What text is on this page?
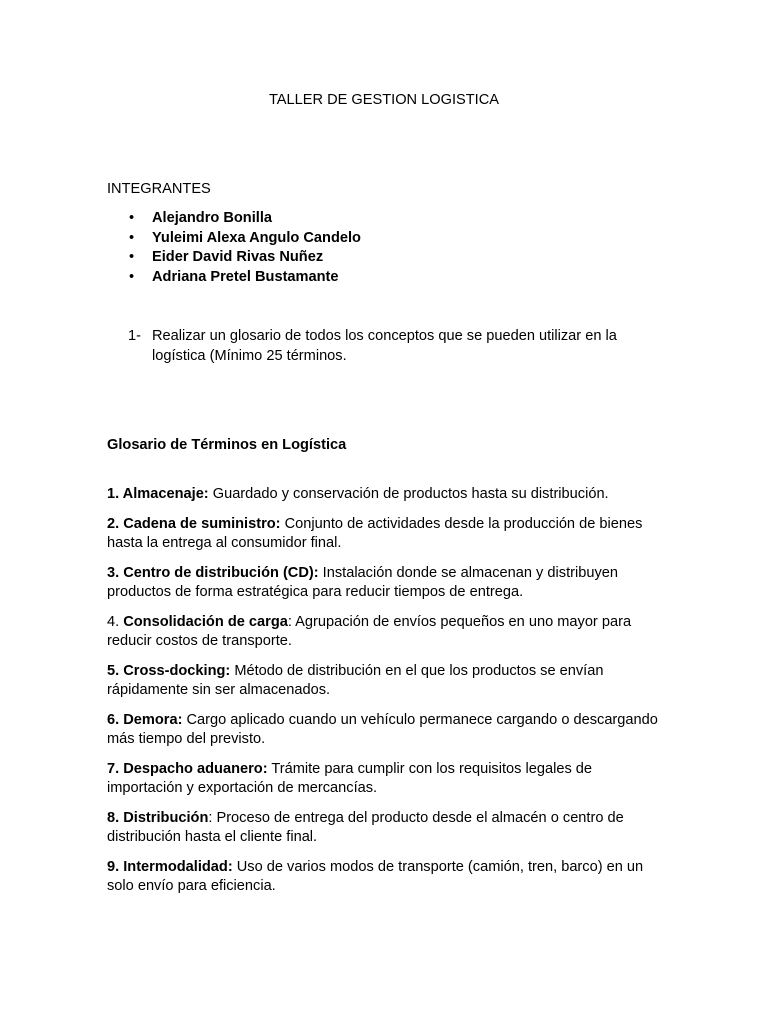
TALLER DE GESTION LOGISTICA
INTEGRANTES
• Alejandro Bonilla
• Yuleimi Alexa Angulo Candelo
• Eider David Rivas Nuñez
• Adriana Pretel Bustamante
1- Realizar un glosario de todos los conceptos que se pueden utilizar en la logística (Mínimo 25 términos.
Glosario de Términos en Logística

1. Almacenaje: Guardado y conservación de productos hasta su distribución.

2. Cadena de suministro: Conjunto de actividades desde la producción de bienes hasta la entrega al consumidor final.

3. Centro de distribución (CD): Instalación donde se almacenan y distribuyen productos de forma estratégica para reducir tiempos de entrega.

4. Consolidación de carga: Agrupación de envíos pequeños en uno mayor para reducir costos de transporte.

5. Cross-docking: Método de distribución en el que los productos se envían rápidamente sin ser almacenados.

6. Demora: Cargo aplicado cuando un vehículo permanece cargando o descargando más tiempo del previsto.

7. Despacho aduanero: Trámite para cumplir con los requisitos legales de importación y exportación de mercancías.

8. Distribución: Proceso de entrega del producto desde el almacén o centro de distribución hasta el cliente final.

9. Intermodalidad: Uso de varios modos de transporte (camión, tren, barco) en un solo envío para eficiencia.
